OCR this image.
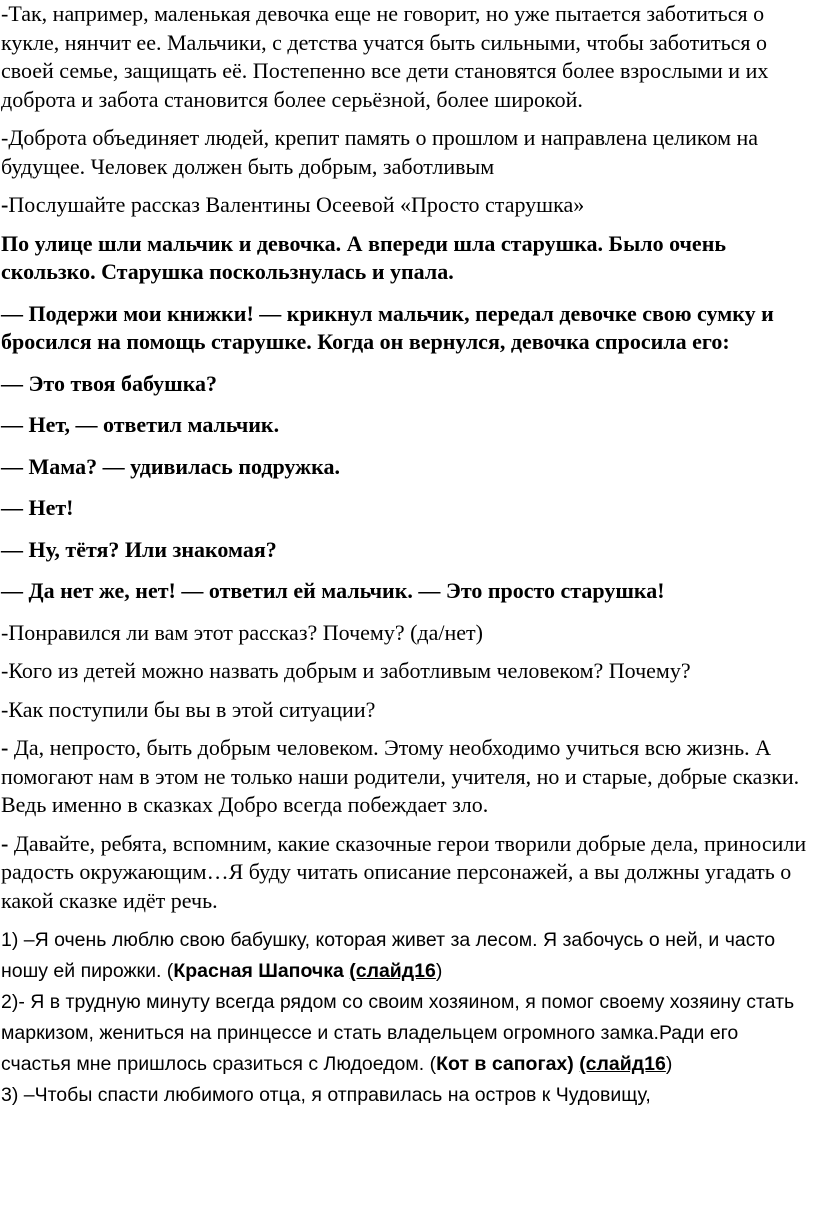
-Так, например, маленькая девочка еще не говорит, но уже пытается заботиться о кукле, нянчит ее. Мальчики, с детства учатся быть сильными, чтобы заботиться о своей семье, защищать её. Постепенно все дети становятся более взрослыми и их доброта и забота становится более серьёзной, более широкой.

-Доброта объединяет людей, крепит память о прошлом и направлена целиком на будущее. Человек должен быть добрым, заботливым

-Послушайте рассказ Валентины Осеевой «Просто старушка»

По улице шли мальчик и девочка. А впереди шла старушка. Было очень скользко. Старушка поскользнулась и упала.

— Подержи мои книжки! — крикнул мальчик, передал девочке свою сумку и бросился на помощь старушке. Когда он вернулся, девочка спросила его:

— Это твоя бабушка?

— Нет, — ответил мальчик.

— Мама? — удивилась подружка.

— Нет!

— Ну, тётя? Или знакомая?

— Да нет же, нет! — ответил ей мальчик. — Это просто старушка!

-Понравился ли вам этот рассказ? Почему? (да/нет)

-Кого из детей можно назвать добрым и заботливым человеком? Почему?

-Как поступили бы вы в этой ситуации?

- Да, непросто, быть добрым человеком. Этому необходимо учиться всю жизнь. А помогают нам в этом не только наши родители, учителя, но и старые, добрые сказки. Ведь именно в сказках Добро всегда побеждает зло.

- Давайте, ребята, вспомним, какие сказочные герои творили добрые дела, приносили радость окружающим…Я буду читать описание персонажей, а вы должны угадать о какой сказке идёт речь.

1) –Я очень люблю свою бабушку, которая живет за лесом. Я забочусь о ней, и часто ношу ей пирожки. (Красная Шапочка (слайд16)

2)- Я в трудную минуту всегда рядом со своим хозяином, я помог своему хозяину стать маркизом, жениться на принцессе и стать владельцем огромного замка.Ради его счастья мне пришлось сразиться с Людоедом. (Кот в сапогах) (слайд16)

3) –Чтобы спасти любимого отца, я отправилась на остров к Чудовищу,
